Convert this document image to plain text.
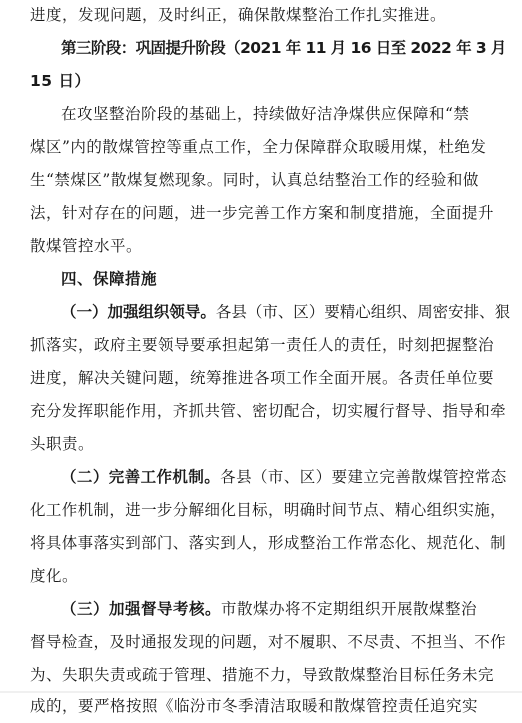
进度，发现问题，及时纠正，确保散煤整治工作扎实推进。
第三阶段：巩固提升阶段（2021 年 11 月 16 日至 2022 年 3 月
15 日）
在攻坚整治阶段的基础上，持续做好洁净煤供应保障和“禁
煤区”内的散煤管控等重点工作，全力保障群众取暖用煤，杜绝发
生“禁煤区”散煤复燃现象。同时，认真总结整治工作的经验和做
法，针对存在的问题，进一步完善工作方案和制度措施，全面提升
散煤管控水平。
四、保障措施
（一）加强组织领导。各县（市、区）要精心组织、周密安排、狠
抓落实，政府主要领导要承担起第一责任人的责任，时刻把握整治
进度，解决关键问题，统筹推进各项工作全面开展。各责任单位要
充分发挥职能作用，齐抓共管、密切配合，切实履行督导、指导和牵
头职责。
（二）完善工作机制。各县（市、区）要建立完善散煤管控常态
化工作机制，进一步分解细化目标，明确时间节点、精心组织实施，
将具体事落实到部门、落实到人，形成整治工作常态化、规范化、制
度化。
（三）加强督导考核。市散煤办将不定期组织开展散煤整治
督导检查，及时通报发现的问题，对不履职、不尽责、不担当、不作
为、失职失责或疏于管理、措施不力，导致散煤整治目标任务未完
成的，要严格按照《临汾市冬季清洁取暖和散煤管控责任追究实
